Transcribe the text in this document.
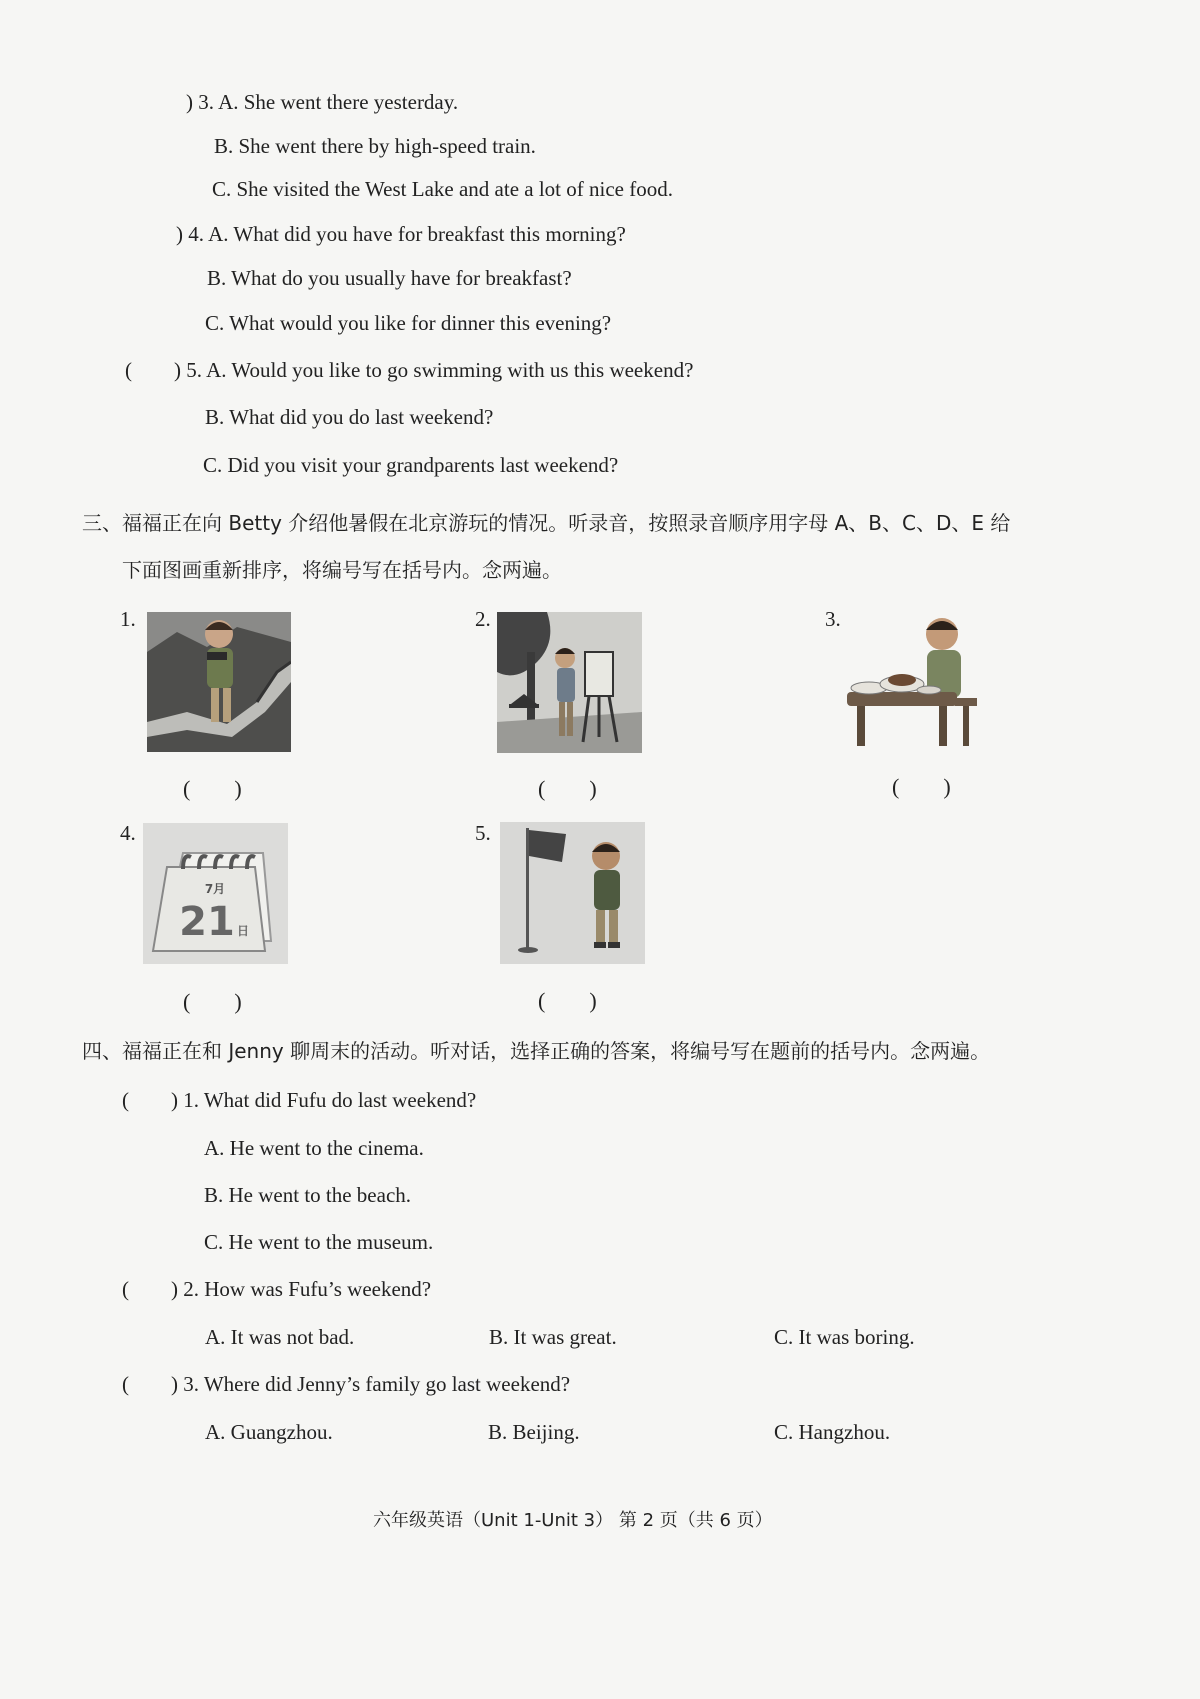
) 3. A. She went there yesterday.
B. She went there by high-speed train.
C. She visited the West Lake and ate a lot of nice food.
) 4. A. What did you have for breakfast this morning?
B. What do you usually have for breakfast?
C. What would you like for dinner this evening?
( ) 5. A. Would you like to go swimming with us this weekend?
B. What did you do last weekend?
C. Did you visit your grandparents last weekend?
三、福福正在向 Betty 介绍他暑假在北京游玩的情况。听录音，按照录音顺序用字母 A、B、C、D、E 给
下面图画重新排序，将编号写在括号内。念两遍。
1.
(　　)
2.
(　　)
3.
(　　)
4.
7月
21 日
(　　)
5.
(　　)
四、福福正在和 Jenny 聊周末的活动。听对话，选择正确的答案，将编号写在题前的括号内。念两遍。
( ) 1. What did Fufu do last weekend?
A. He went to the cinema.
B. He went to the beach.
C. He went to the museum.
( ) 2. How was Fufu’s weekend?
A. It was not bad.	B. It was great.	C. It was boring.
( ) 3. Where did Jenny’s family go last weekend?
A. Guangzhou.	B. Beijing.	C. Hangzhou.
六年级英语（Unit 1-Unit 3） 第 2 页（共 6 页）
